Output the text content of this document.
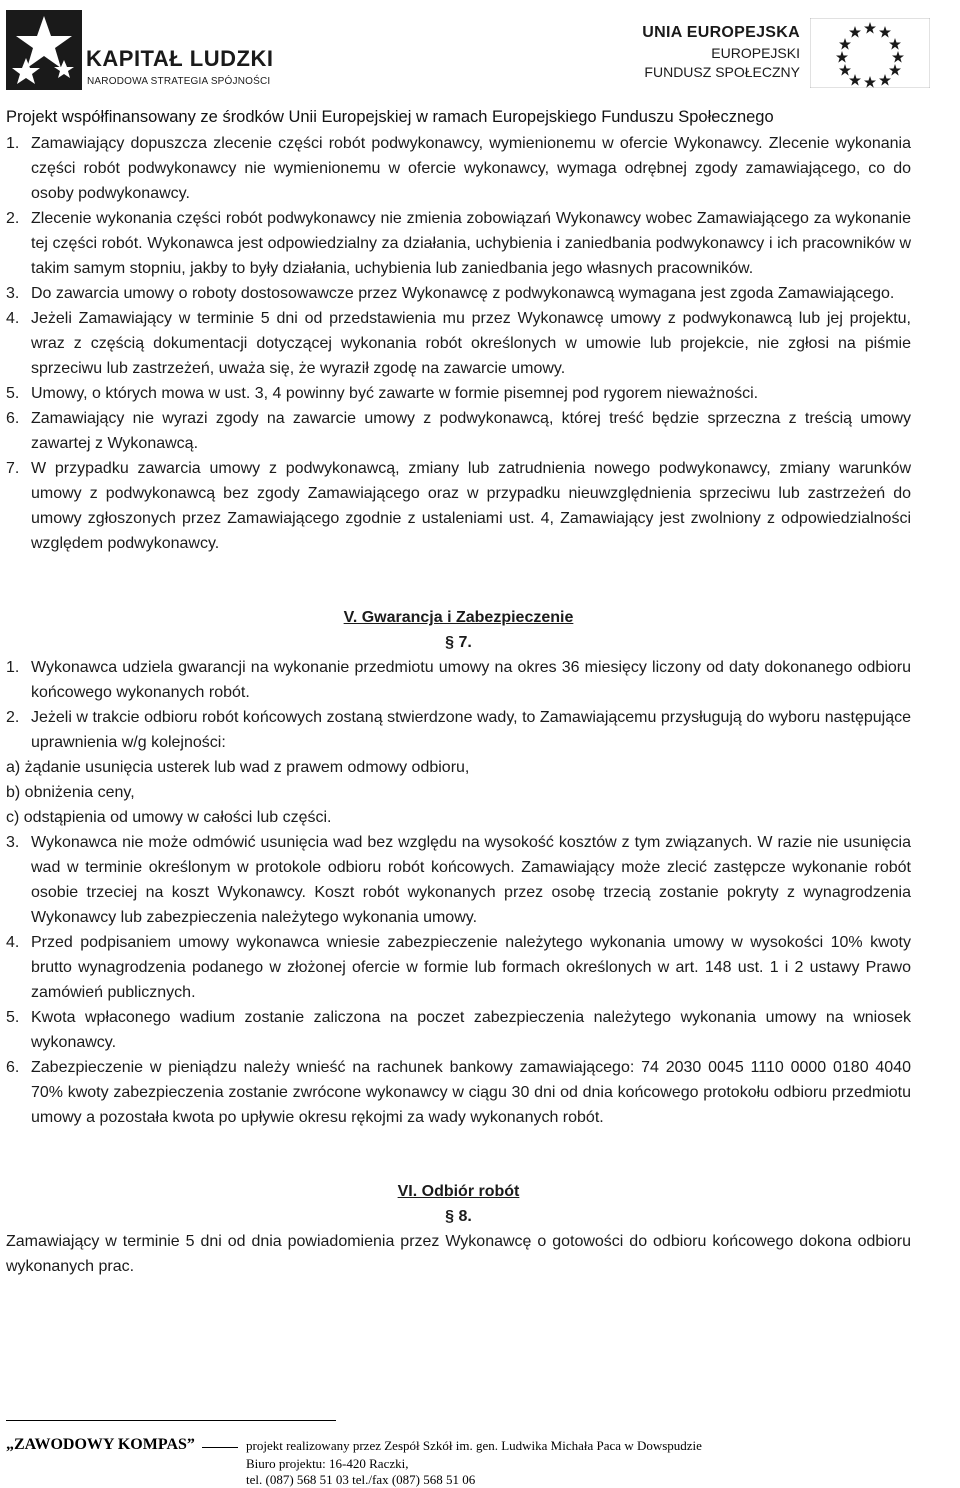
KAPITAŁ LUDZKI
NARODOWA STRATEGIA SPÓJNOŚCI
UNIA EUROPEJSKA
EUROPEJSKI
FUNDUSZ SPOŁECZNY
Projekt współfinansowany ze środków Unii Europejskiej w ramach Europejskiego Funduszu Społecznego
1. Zamawiający dopuszcza zlecenie części robót podwykonawcy, wymienionemu w ofercie Wykonawcy. Zlecenie wykonania części robót podwykonawcy nie wymienionemu w ofercie wykonawcy, wymaga odrębnej zgody zamawiającego, co do osoby podwykonawcy.
2. Zlecenie wykonania części robót podwykonawcy nie zmienia zobowiązań Wykonawcy wobec Zamawiającego za wykonanie tej części robót. Wykonawca jest odpowiedzialny za działania, uchybienia i zaniedbania podwykonawcy i ich pracowników w takim samym stopniu, jakby to były działania, uchybienia lub zaniedbania jego własnych pracowników.
3. Do zawarcia umowy o roboty dostosowawcze przez Wykonawcę z podwykonawcą wymagana jest zgoda Zamawiającego.
4. Jeżeli Zamawiający w terminie 5 dni od przedstawienia mu przez Wykonawcę umowy z podwykonawcą lub jej projektu, wraz z częścią dokumentacji dotyczącej wykonania robót określonych w umowie lub projekcie, nie zgłosi na piśmie sprzeciwu lub zastrzeżeń, uważa się, że wyraził zgodę na zawarcie umowy.
5. Umowy, o których mowa w ust. 3, 4 powinny być zawarte w formie pisemnej pod rygorem nieważności.
6. Zamawiający nie wyrazi zgody na zawarcie umowy z podwykonawcą, której treść będzie sprzeczna z treścią umowy zawartej z Wykonawcą.
7. W przypadku zawarcia umowy z podwykonawcą, zmiany lub zatrudnienia nowego podwykonawcy, zmiany warunków umowy z podwykonawcą bez zgody Zamawiającego oraz w przypadku nieuwzględnienia sprzeciwu lub zastrzeżeń do umowy zgłoszonych przez Zamawiającego zgodnie z ustaleniami ust. 4, Zamawiający jest zwolniony z odpowiedzialności względem podwykonawcy.
V. Gwarancja i Zabezpieczenie
§ 7.
1. Wykonawca udziela gwarancji na wykonanie przedmiotu umowy na okres 36 miesięcy liczony od daty dokonanego odbioru końcowego wykonanych robót.
2. Jeżeli w trakcie odbioru robót końcowych zostaną stwierdzone wady, to Zamawiającemu przysługują do wyboru następujące uprawnienia w/g kolejności:
a) żądanie usunięcia usterek lub wad z prawem odmowy odbioru,
b) obniżenia ceny,
c) odstąpienia od umowy w całości lub części.
3. Wykonawca nie może odmówić usunięcia wad bez względu na wysokość kosztów z tym związanych. W razie nie usunięcia wad w terminie określonym w protokole odbioru robót końcowych. Zamawiający może zlecić zastępcze wykonanie robót osobie trzeciej na koszt Wykonawcy. Koszt robót wykonanych przez osobę trzecią zostanie pokryty z wynagrodzenia Wykonawcy lub zabezpieczenia należytego wykonania umowy.
4. Przed podpisaniem umowy wykonawca wniesie zabezpieczenie należytego wykonania umowy w wysokości 10% kwoty brutto wynagrodzenia podanego w złożonej ofercie w formie lub formach określonych w art. 148 ust. 1 i 2 ustawy Prawo zamówień publicznych.
5. Kwota wpłaconego wadium zostanie zaliczona na poczet zabezpieczenia należytego wykonania umowy na wniosek wykonawcy.
6. Zabezpieczenie w pieniądzu należy wnieść na rachunek bankowy zamawiającego: 74 2030 0045 1110 0000 0180 4040 70% kwoty zabezpieczenia zostanie zwrócone wykonawcy w ciągu 30 dni od dnia końcowego protokołu odbioru przedmiotu umowy a pozostała kwota po upływie okresu rękojmi za wady wykonanych robót.
VI. Odbiór robót
§ 8.
Zamawiający w terminie 5 dni od dnia powiadomienia przez Wykonawcę o gotowości do odbioru końcowego dokona odbioru wykonanych prac.
„ZAWODOWY KOMPAS”	projekt realizowany przez Zespół Szkół im. gen. Ludwika Michała Paca w Dowspudzie
Biuro projektu: 16-420 Raczki,
tel. (087) 568 51 03 tel./fax (087) 568 51 06
